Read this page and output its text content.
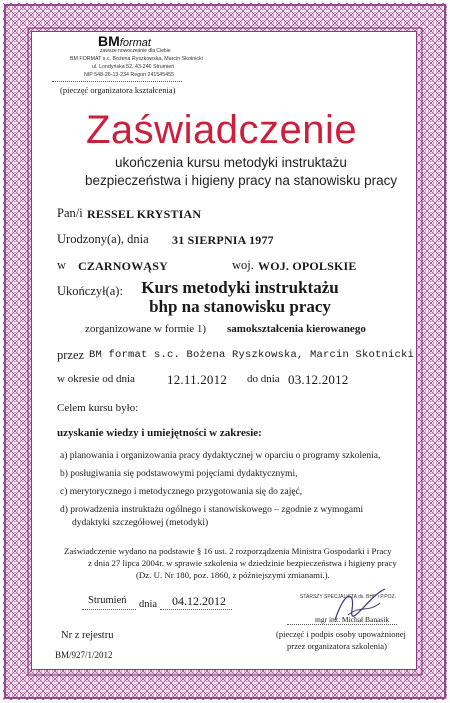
BMformat
zawsze nowocześnie dla Ciebie
BM FORMAT s.c. Bożena Ryszkowska, Marcin Skotnicki
ul. Londyńska 52, 43-246 Strumień
NIP 548-26-13-234 Regon 241545455
(pieczęć organizatora kształcenia)
Zaświadczenie
ukończenia kursu metodyki instruktażu
bezpieczeństwa i higieny pracy na stanowisku pracy
Pan/i RESSEL KRYSTIAN
Urodzony(a), dnia 31 SIERPNIA 1977
w CZARNOWĄSY	woj. WOJ. OPOLSKIE
Ukończył(a):	Kurs metodyki instruktażu
bhp na stanowisku pracy
zorganizowane w formie 1) samokształcenia kierowanego
przez BM format s.c. Bożena Ryszkowska, Marcin Skotnicki
w okresie od dnia 12.11.2012 do dnia 03.12.2012
Celem kursu było:
uzyskanie wiedzy i umiejętności w zakresie:
a) planowania i organizowania pracy dydaktycznej w oparciu o programy szkolenia,
b) posługiwania się podstawowymi pojęciami dydaktycznymi,
c) merytorycznego i metodycznego przygotowania się do zajęć,
d) prowadzenia instruktażu ogólnego i stanowiskowego – zgodnie z wymogami
dydaktyki szczegółowej (metodyki)
Zaświadczenie wydano na podstawie § 16 ust. 2 rozporządzenia Ministra Gospodarki i Pracy
z dnia 27 lipca 2004r. w sprawie szkolenia w dziedzinie bezpieczeństwa i higieny pracy
(Dz. U. Nr 180, poz. 1860, z późniejszymi zmianami.).
Strumień dnia 04.12.2012	STARSZY SPECJALISTA ds. BHP i P.POZ.
mgr inż. Michał Banasik
(pieczęć i podpis osoby upoważnionej
przez organizatora szkolenia)
Nr z rejestru
BM/927/1/2012
